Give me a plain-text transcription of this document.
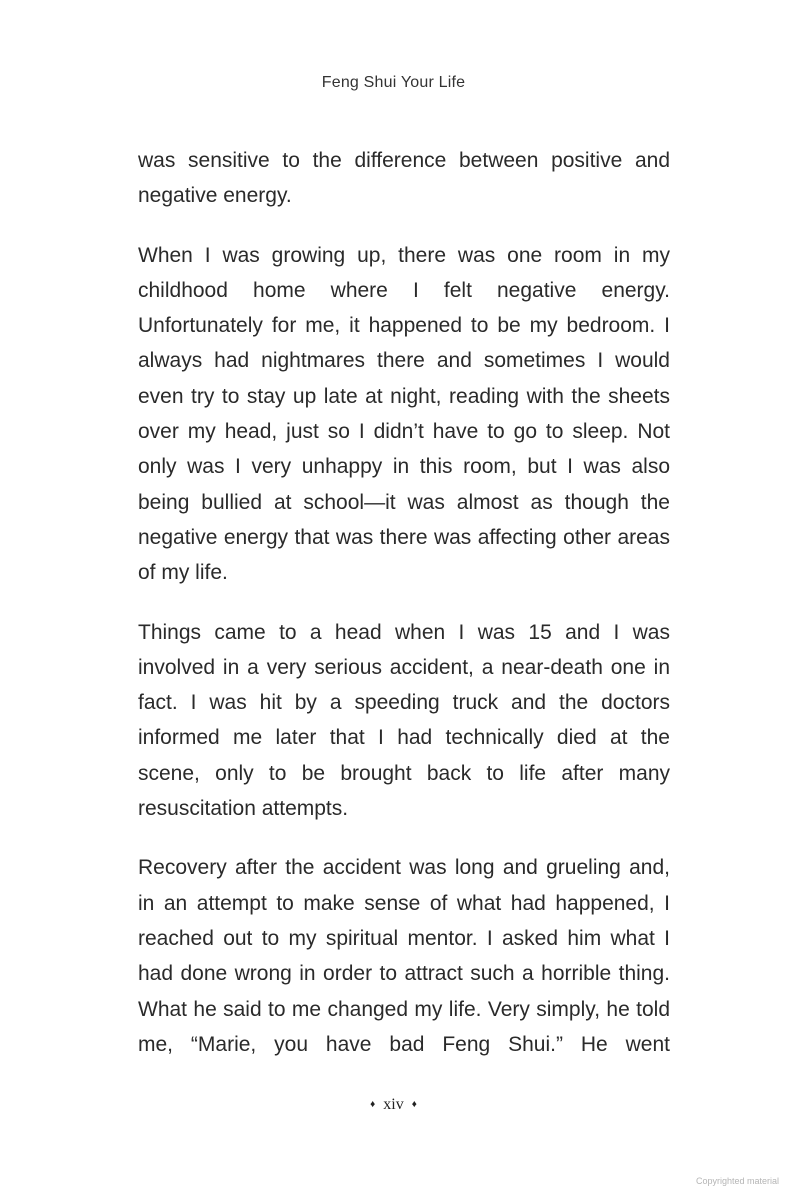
Feng Shui Your Life

was sensitive to the difference between positive and negative energy.

When I was growing up, there was one room in my childhood home where I felt negative energy. Unfortunately for me, it happened to be my bedroom. I always had nightmares there and sometimes I would even try to stay up late at night, reading with the sheets over my head, just so I didn’t have to go to sleep. Not only was I very unhappy in this room, but I was also being bullied at school—it was almost as though the negative energy that was there was affecting other areas of my life.

Things came to a head when I was 15 and I was involved in a very serious accident, a near-death one in fact. I was hit by a speeding truck and the doctors informed me later that I had technically died at the scene, only to be brought back to life after many resuscitation attempts.

Recovery after the accident was long and grueling and, in an attempt to make sense of what had happened, I reached out to my spiritual mentor. I asked him what I had done wrong in order to attract such a horrible thing. What he said to me changed my life. Very simply, he told me, “Marie, you have bad Feng Shui.” He went

♦ xiv ♦
Copyrighted material
